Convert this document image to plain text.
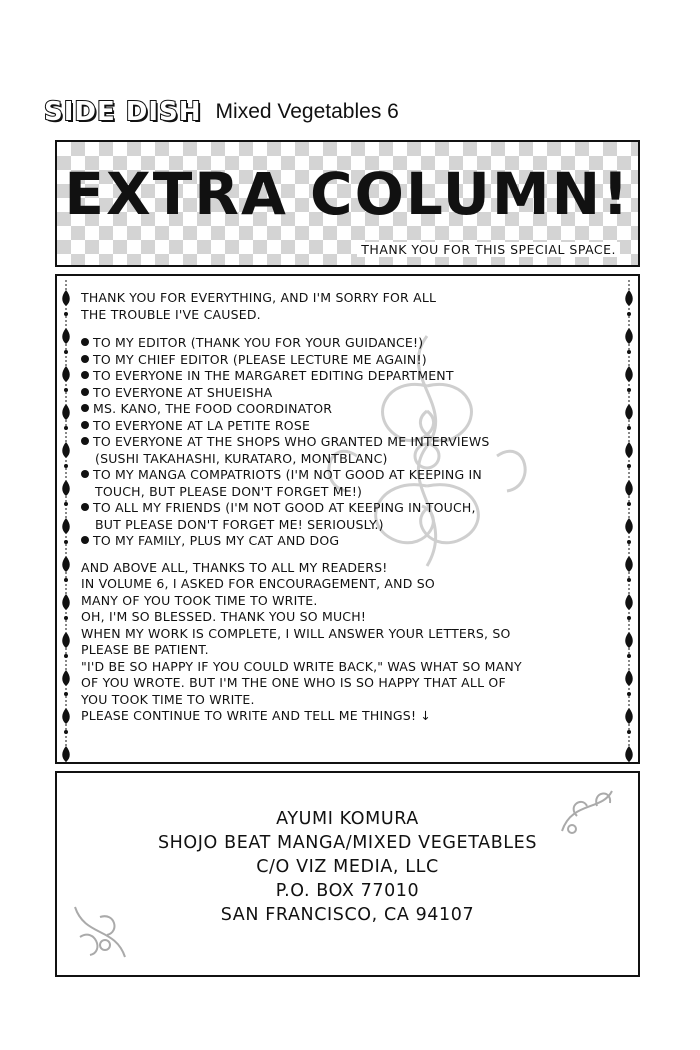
SIDE DISH Mixed Vegetables 6
EXTRA COLUMN!
THANK YOU FOR THIS SPECIAL SPACE.
THANK YOU FOR EVERYTHING, AND I'M SORRY FOR ALL
THE TROUBLE I'VE CAUSED.
TO MY EDITOR (THANK YOU FOR YOUR GUIDANCE!)
TO MY CHIEF EDITOR (PLEASE LECTURE ME AGAIN!)
TO EVERYONE IN THE MARGARET EDITING DEPARTMENT
TO EVERYONE AT SHUEISHA
MS. KANO, THE FOOD COORDINATOR
TO EVERYONE AT LA PETITE ROSE
TO EVERYONE AT THE SHOPS WHO GRANTED ME INTERVIEWS
(SUSHI TAKAHASHI, KURATARO, MONTBLANC)
TO MY MANGA COMPATRIOTS (I'M NOT GOOD AT KEEPING IN
TOUCH, BUT PLEASE DON'T FORGET ME!)
TO ALL MY FRIENDS (I'M NOT GOOD AT KEEPING IN TOUCH,
BUT PLEASE DON'T FORGET ME! SERIOUSLY.)
TO MY FAMILY, PLUS MY CAT AND DOG
AND ABOVE ALL, THANKS TO ALL MY READERS!
IN VOLUME 6, I ASKED FOR ENCOURAGEMENT, AND SO
MANY OF YOU TOOK TIME TO WRITE.
OH, I'M SO BLESSED. THANK YOU SO MUCH!
WHEN MY WORK IS COMPLETE, I WILL ANSWER YOUR LETTERS, SO
PLEASE BE PATIENT.
"I'D BE SO HAPPY IF YOU COULD WRITE BACK," WAS WHAT SO MANY
OF YOU WROTE. BUT I'M THE ONE WHO IS SO HAPPY THAT ALL OF
YOU TOOK TIME TO WRITE.
PLEASE CONTINUE TO WRITE AND TELL ME THINGS! ↓
AYUMI KOMURA
SHOJO BEAT MANGA/MIXED VEGETABLES
C/O VIZ MEDIA, LLC
P.O. BOX 77010
SAN FRANCISCO, CA 94107
